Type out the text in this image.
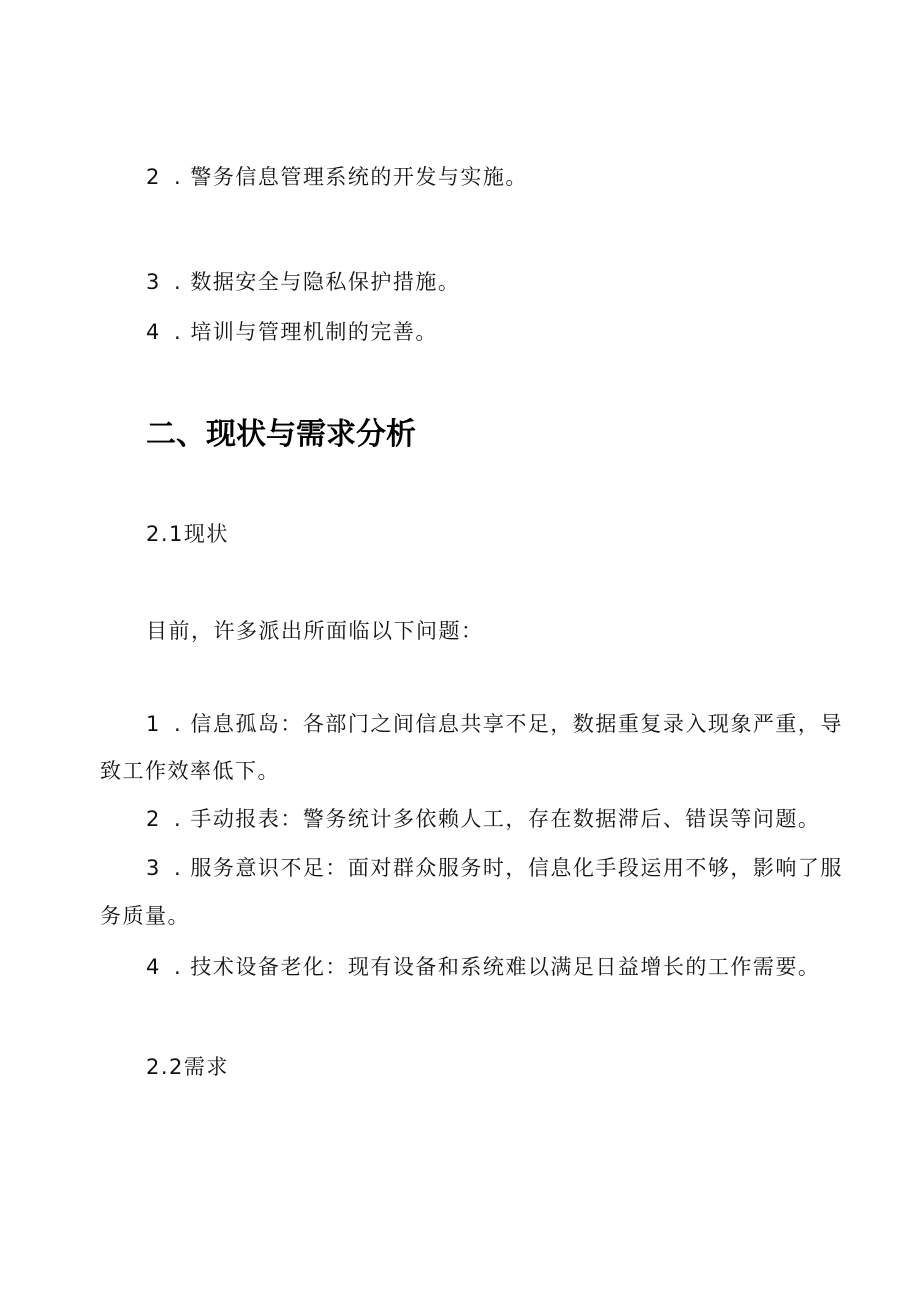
2 . 警务信息管理系统的开发与实施。
3 . 数据安全与隐私保护措施。
4 . 培训与管理机制的完善。
二、现状与需求分析
2.1现状
目前，许多派出所面临以下问题：
1 . 信息孤岛：各部门之间信息共享不足，数据重复录入现象严重，导
致工作效率低下。
2 . 手动报表：警务统计多依赖人工，存在数据滞后、错误等问题。
3 . 服务意识不足：面对群众服务时，信息化手段运用不够，影响了服
务质量。
4 . 技术设备老化：现有设备和系统难以满足日益增长的工作需要。
2.2需求
